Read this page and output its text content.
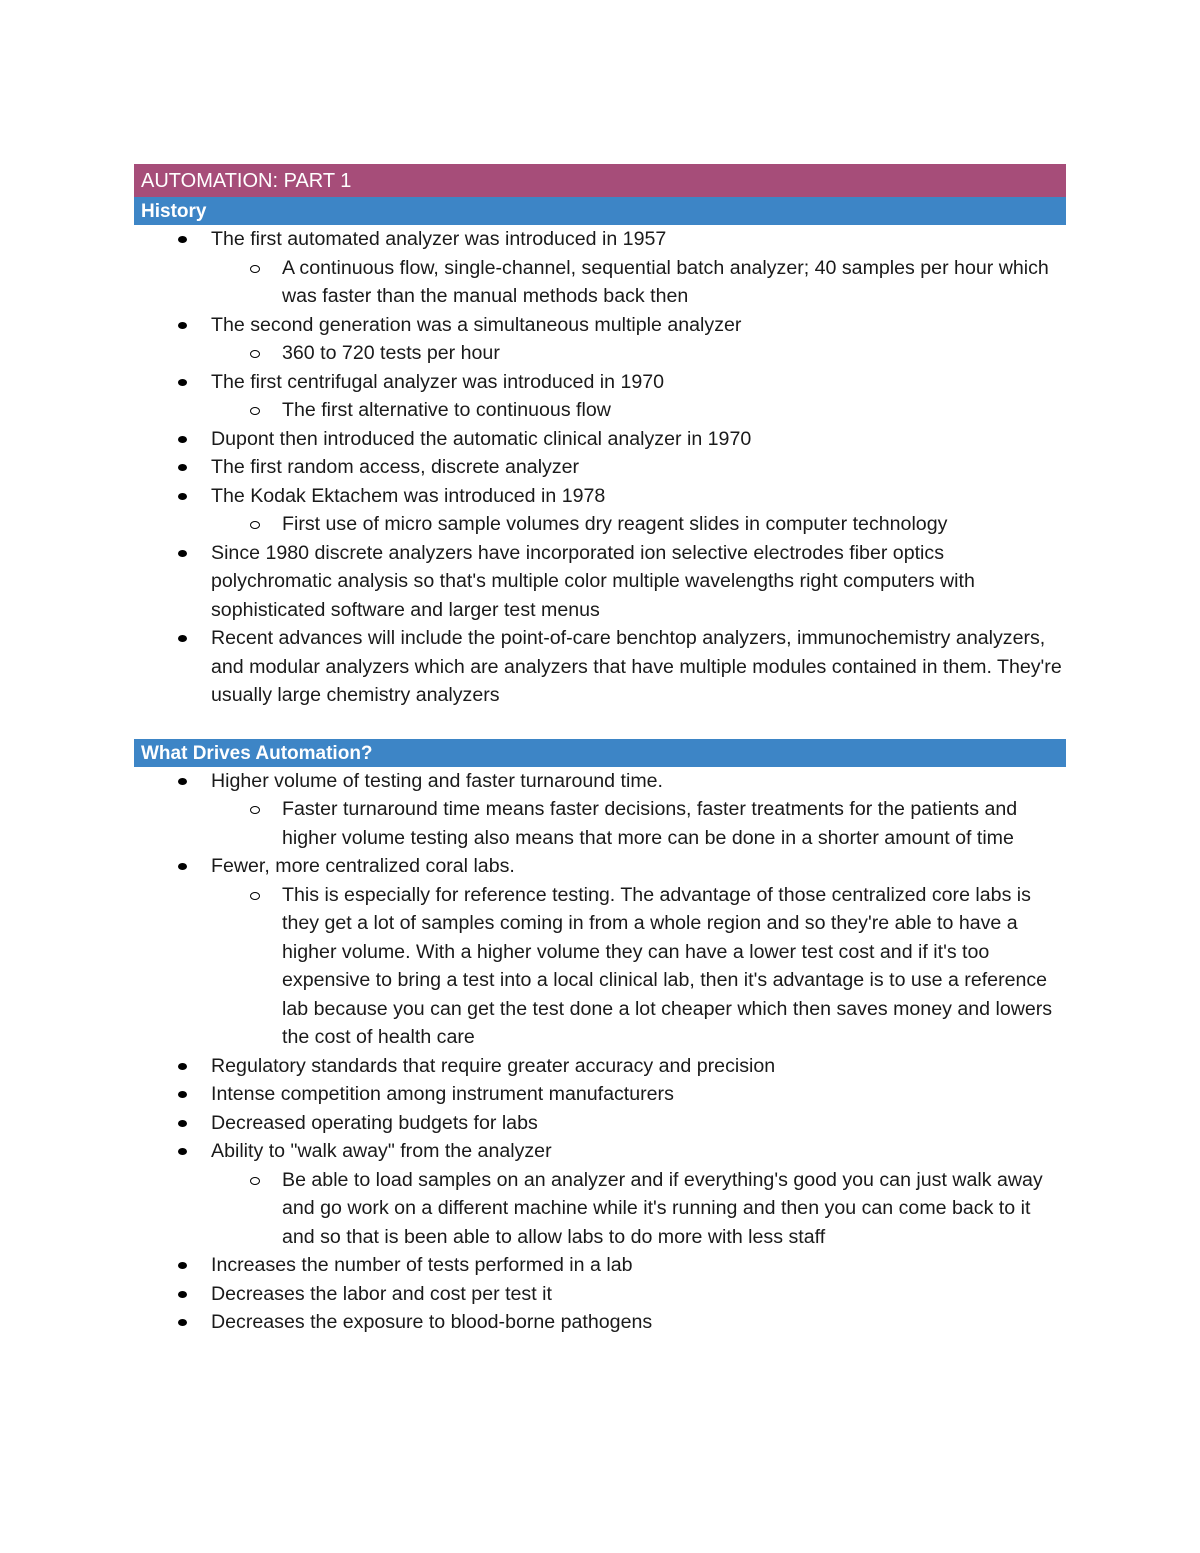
AUTOMATION: PART 1
History
The first automated analyzer was introduced in 1957
A continuous flow, single-channel, sequential batch analyzer; 40 samples per hour which was faster than the manual methods back then
The second generation was a simultaneous multiple analyzer
360 to 720 tests per hour
The first centrifugal analyzer was introduced in 1970
The first alternative to continuous flow
Dupont then introduced the automatic clinical analyzer in 1970
The first random access, discrete analyzer
The Kodak Ektachem was introduced in 1978
First use of micro sample volumes dry reagent slides in computer technology
Since 1980 discrete analyzers have incorporated ion selective electrodes fiber optics polychromatic analysis so that's multiple color multiple wavelengths right computers with sophisticated software and larger test menus
Recent advances will include the point-of-care benchtop analyzers, immunochemistry analyzers, and modular analyzers which are analyzers that have multiple modules contained in them. They're usually large chemistry analyzers
What Drives Automation?
Higher volume of testing and faster turnaround time.
Faster turnaround time means faster decisions, faster treatments for the patients and higher volume testing also means that more can be done in a shorter amount of time
Fewer, more centralized coral labs.
This is especially for reference testing. The advantage of those centralized core labs is they get a lot of samples coming in from a whole region and so they're able to have a higher volume. With a higher volume they can have a lower test cost and if it's too expensive to bring a test into a local clinical lab, then it's advantage is to use a reference lab because you can get the test done a lot cheaper which then saves money and lowers the cost of health care
Regulatory standards that require greater accuracy and precision
Intense competition among instrument manufacturers
Decreased operating budgets for labs
Ability to "walk away" from the analyzer
Be able to load samples on an analyzer and if everything's good you can just walk away and go work on a different machine while it's running and then you can come back to it and so that is been able to allow labs to do more with less staff
Increases the number of tests performed in a lab
Decreases the labor and cost per test it
Decreases the exposure to blood-borne pathogens
